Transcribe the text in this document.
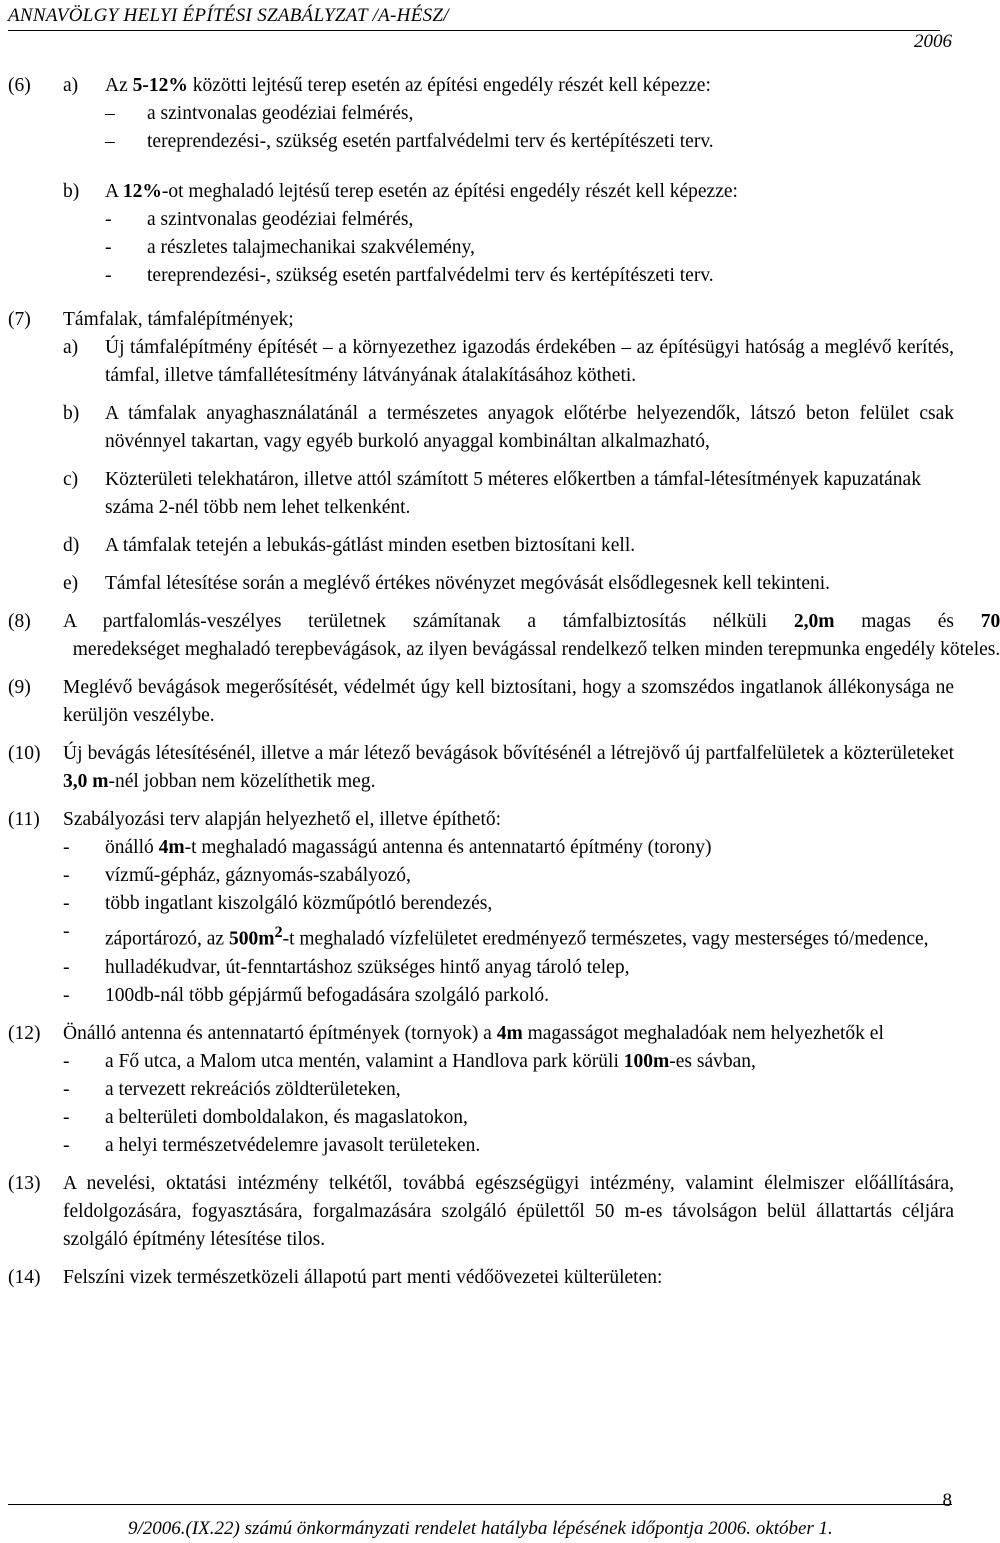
ANNAVÖLGY HELYI ÉPÍTÉSI SZABÁLYZAT /A-HÉSZ/
2006
(6)	a)	Az 5-12% közötti lejtésű terep esetén az építési engedély részét kell képezze:
–	a szintvonalas geodéziai felmérés,
–	tereprendezési-, szükség esetén partfalvédelmi terv és kertépítészeti terv.
b)	A 12%-ot meghaladó lejtésű terep esetén az építési engedély részét kell képezze:
-	a szintvonalas geodéziai felmérés,
-	a részletes talajmechanikai szakvélemény,
-	tereprendezési-, szükség esetén partfalvédelmi terv és kertépítészeti terv.
(7)	Támfalak, támfalépítmények;
a)	Új támfalépítmény építését – a környezethez igazodás érdekében – az építésügyi hatóság a meglévő kerítés, támfal, illetve támfallétesítmény látványának átalakításához kötheti.
b)	A támfalak anyaghasználatánál a természetes anyagok előtérbe helyezendők, látszó beton felület csak növénnyel takartan, vagy egyéb burkoló anyaggal kombináltan alkalmazható,
c)	Közterületi telekhatáron, illetve attól számított 5 méteres előkertben a támfal-létesítmények kapuzatának száma 2-nél több nem lehet telkenként.
d)	A támfalak tetején a lebukás-gátlást minden esetben biztosítani kell.
e)	Támfal létesítése során a meglévő értékes növényzet megóvását elsődlegesnek kell tekinteni.
(8)	A partfalomlás-veszélyes területnek számítanak a támfalbiztosítás nélküli 2,0m magas és 70  meredekséget meghaladó terepbevágások, az ilyen bevágással rendelkező telken minden terepmunka engedély köteles.
(9)	Meglévő bevágások megerősítését, védelmét úgy kell biztosítani, hogy a szomszédos ingatlanok állékonysága ne kerüljön veszélybe.
(10)	Új bevágás létesítésénél, illetve a már létező bevágások bővítésénél a létrejövő új partfalfelületek a közterületeket 3,0 m-nél jobban nem közelíthetik meg.
(11)	Szabályozási terv alapján helyezhető el, illetve építhető:
-	önálló 4m-t meghaladó magasságú antenna és antennatartó építmény (torony)
-	vízmű-gépház, gáznyomás-szabályozó,
-	több ingatlant kiszolgáló közműpótló berendezés,
-	záportározó, az $500m^2-t$ meghaladó vízfelületet eredményező természetes, vagy mesterséges tó/medence,
-	hulladékudvar, út-fenntartáshoz szükséges hintő anyag tároló telep,
-	100db-nál több gépjármű befogadására szolgáló parkoló.
(12)	Önálló antenna és antennatartó építmények (tornyok) a 4m magasságot meghaladóak nem helyezhetők el
-	a Fő utca, a Malom utca mentén, valamint a Handlova park körüli 100m-es sávban,
-	a tervezett rekreációs zöldterületeken,
-	a belterületi domboldalakon, és magaslatokon,
-	a helyi természetvédelemre javasolt területeken.
(13)	A nevelési, oktatási intézmény telkétől, továbbá egészségügyi intézmény, valamint élelmiszer előállítására, feldolgozására, fogyasztására, forgalmazására szolgáló épülettől 50 m-es távolságon belül állattartás céljára szolgáló építmény létesítése tilos.
(14)	Felszíni vizek természetközeli állapotú part menti védőövezetei külterületen:
8
9/2006.(IX.22) számú önkormányzati rendelet hatályba lépésének időpontja 2006. október 1.
